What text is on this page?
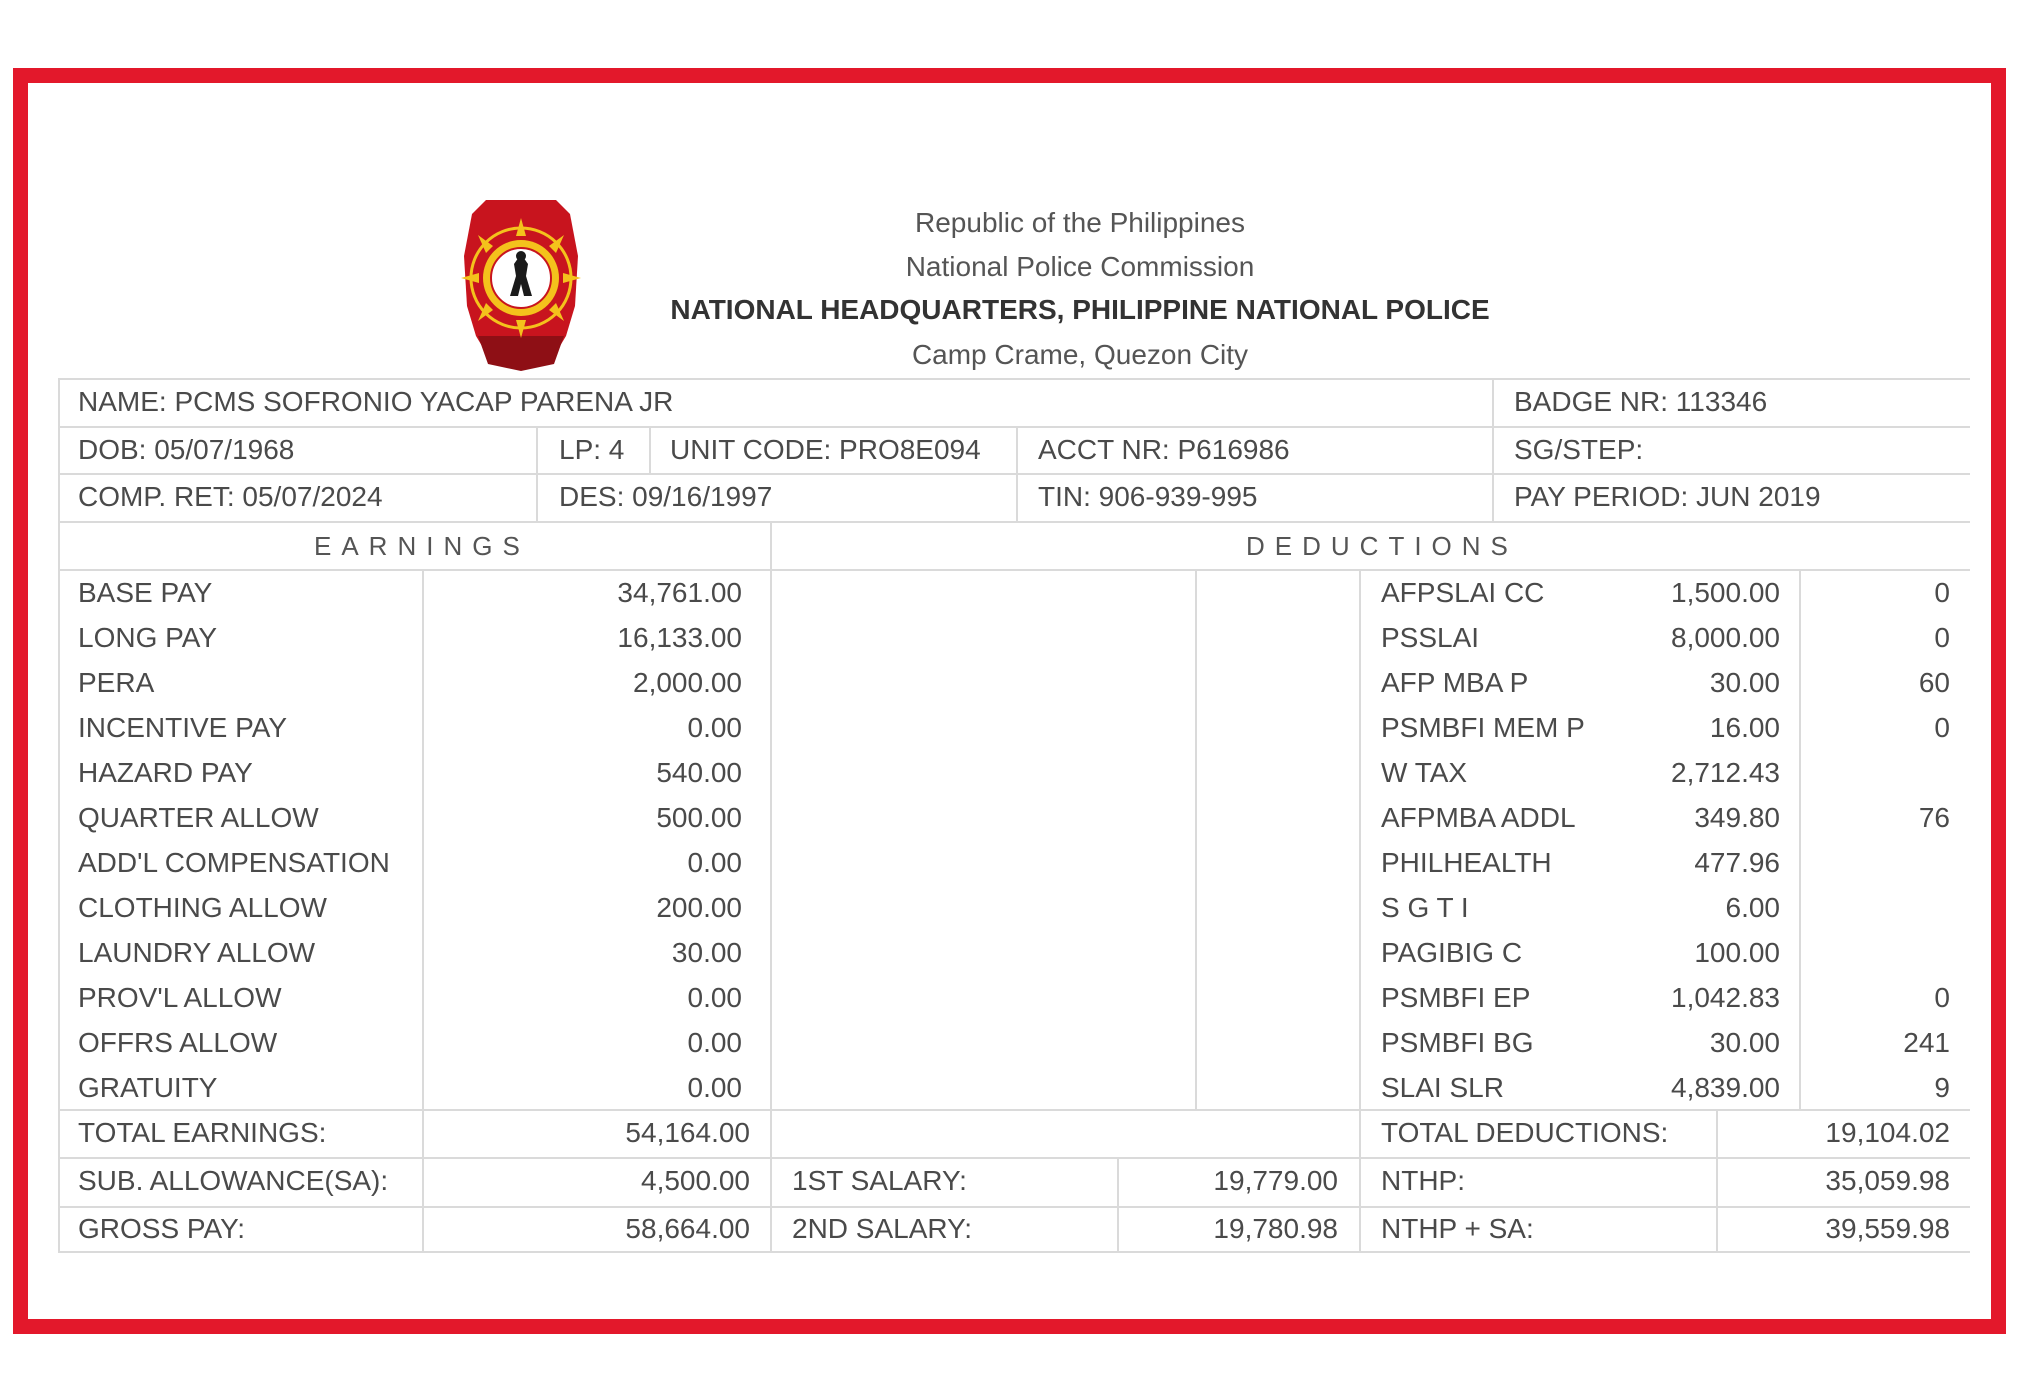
Republic of the Philippines
National Police Commission
NATIONAL HEADQUARTERS, PHILIPPINE NATIONAL POLICE
Camp Crame, Quezon City
NAME: PCMS SOFRONIO YACAP PARENA JR	BADGE NR: 113346
DOB: 05/07/1968	LP: 4 UNIT CODE: PRO8E094 ACCT NR: P616986	SG/STEP:
COMP. RET: 05/07/2024	DES: 09/16/1997	TIN: 906-939-995	PAY PERIOD: JUN 2019
EARNINGS	DEDUCTIONS
BASE PAY	34,761.00
LONG PAY	16,133.00
PERA	2,000.00
INCENTIVE PAY	0.00
HAZARD PAY	540.00
QUARTER ALLOW	500.00
ADD'L COMPENSATION	0.00
CLOTHING ALLOW	200.00
LAUNDRY ALLOW	30.00
PROV'L ALLOW	0.00
OFFRS ALLOW	0.00
GRATUITY	0.00
AFPSLAI CC	1,500.00	0
PSSLAI	8,000.00	0
AFP MBA P	30.00	60
PSMBFI MEM P	16.00	0
W TAX	2,712.43
AFPMBA ADDL	349.80	76
PHILHEALTH	477.96
S G T I	6.00
PAGIBIG C	100.00
PSMBFI EP	1,042.83	0
PSMBFI BG	30.00	241
SLAI SLR	4,839.00	9
TOTAL EARNINGS:	54,164.00	TOTAL DEDUCTIONS:	19,104.02
SUB. ALLOWANCE(SA):	4,500.00 1ST SALARY:	19,779.00 NTHP:	35,059.98
GROSS PAY:	58,664.00 2ND SALARY:	19,780.98 NTHP + SA:	39,559.98
